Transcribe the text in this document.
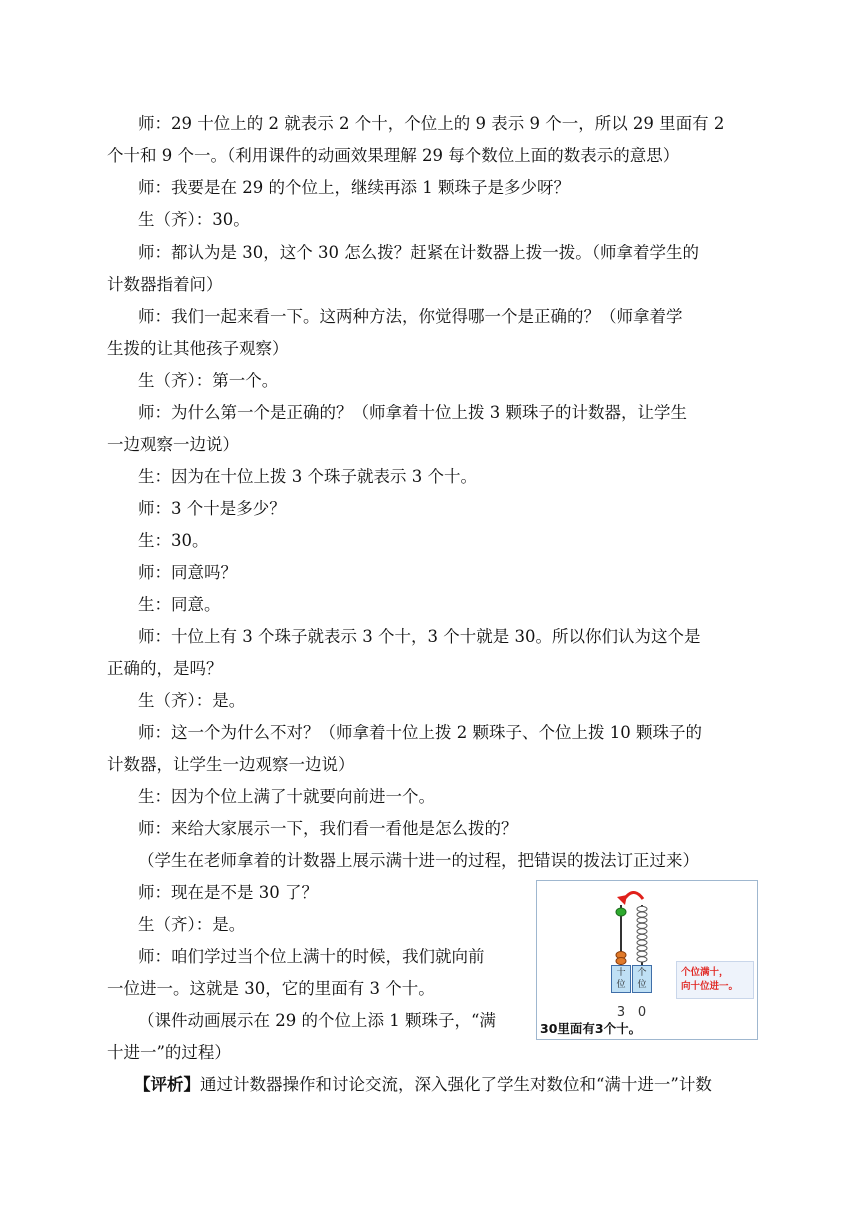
师：29 十位上的 2 就表示 2 个十，个位上的 9 表示 9 个一，所以 29 里面有 2
个十和 9 个一。（利用课件的动画效果理解 29 每个数位上面的数表示的意思）
师：我要是在 29 的个位上，继续再添 1 颗珠子是多少呀？
生（齐）：30。
师：都认为是 30，这个 30 怎么拨？赶紧在计数器上拨一拨。（师拿着学生的
计数器指着问）
师：我们一起来看一下。这两种方法，你觉得哪一个是正确的？（师拿着学
生拨的让其他孩子观察）
生（齐）：第一个。
师：为什么第一个是正确的？（师拿着十位上拨 3 颗珠子的计数器，让学生
一边观察一边说）
生：因为在十位上拨 3 个珠子就表示 3 个十。
师：3 个十是多少？
生：30。
师：同意吗？
生：同意。
师：十位上有 3 个珠子就表示 3 个十，3 个十就是 30。所以你们认为这个是
正确的，是吗？
生（齐）：是。
师：这一个为什么不对？（师拿着十位上拨 2 颗珠子、个位上拨 10 颗珠子的
计数器，让学生一边观察一边说）
生：因为个位上满了十就要向前进一个。
师：来给大家展示一下，我们看一看他是怎么拨的？
（学生在老师拿着的计数器上展示满十进一的过程，把错误的拨法订正过来）
师：现在是不是 30 了？
生（齐）：是。
师：咱们学过当个位上满十的时候，我们就向前
一位进一。这就是 30，它的里面有 3 个十。
（课件动画展示在 29 的个位上添 1 颗珠子，“满
十进一”的过程）
【评析】通过计数器操作和讨论交流，深入强化了学生对数位和“满十进一”计数
十
位
个
位
3 0
个位满十，
向十位进一。
30里面有3个十。
